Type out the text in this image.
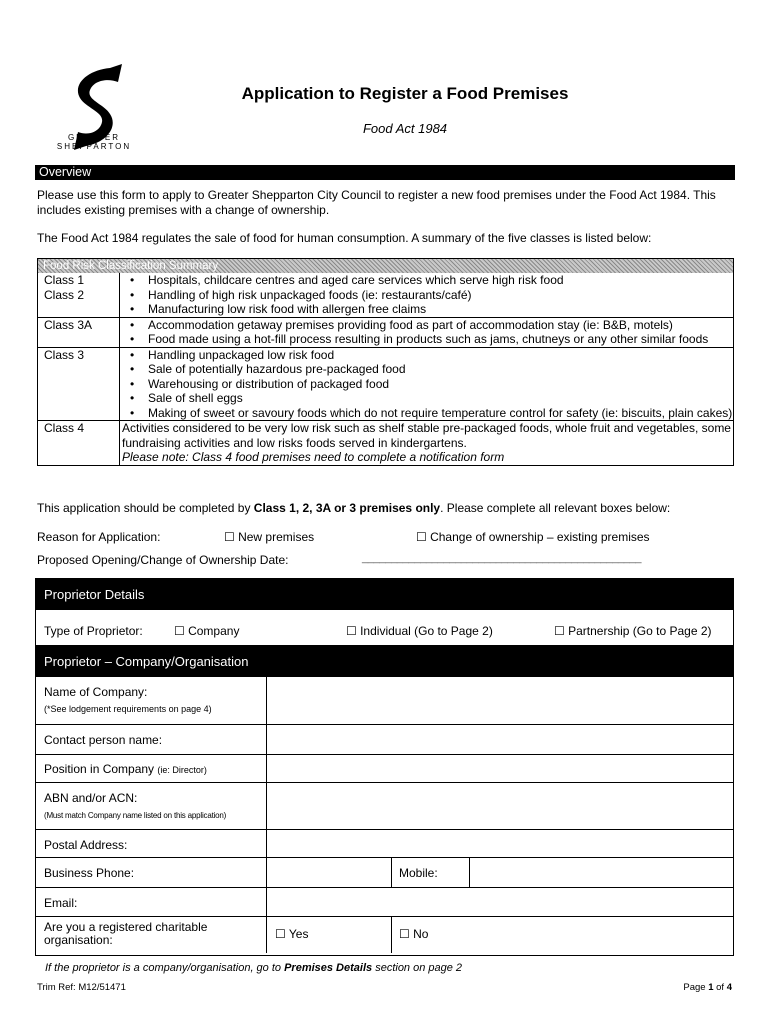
GREATER
SHEPPARTON
Application to Register a Food Premises
Food Act 1984
Overview
Please use this form to apply to Greater Shepparton City Council to register a new food premises under the Food Act 1984. This includes existing premises with a change of ownership.
The Food Act 1984 regulates the sale of food for human consumption. A summary of the five classes is listed below:
Food Risk Classification Summary
Class 1	• Hospitals, childcare centres and aged care services which serve high risk food
Class 2	• Handling of high risk unpackaged foods (ie: restaurants/café)
• Manufacturing low risk food with allergen free claims
Class 3A	• Accommodation getaway premises providing food as part of accommodation stay (ie: B&B, motels)
• Food made using a hot-fill process resulting in products such as jams, chutneys or any other similar foods
Class 3	• Handling unpackaged low risk food
• Sale of potentially hazardous pre-packaged food
• Warehousing or distribution of packaged food
• Sale of shell eggs
• Making of sweet or savoury foods which do not require temperature control for safety (ie: biscuits, plain cakes)
Class 4	Activities considered to be very low risk such as shelf stable pre-packaged foods, whole fruit and vegetables, some fundraising activities and low risks foods served in kindergartens.
Please note: Class 4 food premises need to complete a notification form
This application should be completed by Class 1, 2, 3A or 3 premises only. Please complete all relevant boxes below:
Reason for Application:	☐ New premises	☐ Change of ownership – existing premises
Proposed Opening/Change of Ownership Date:	________________________________________________
Proprietor Details
Type of Proprietor:	☐ Company	☐ Individual (Go to Page 2)	☐ Partnership (Go to Page 2)
Proprietor – Company/Organisation
Name of Company:
(*See lodgement requirements on page 4)
Contact person name:
Position in Company (ie: Director)
ABN and/or ACN:
(Must match Company name listed on this application)
Postal Address:
Business Phone:	Mobile:
Email:
Are you a registered charitable organisation:	☐ Yes	☐ No
If the proprietor is a company/organisation, go to Premises Details section on page 2
Trim Ref: M12/51471	Page 1 of 4
